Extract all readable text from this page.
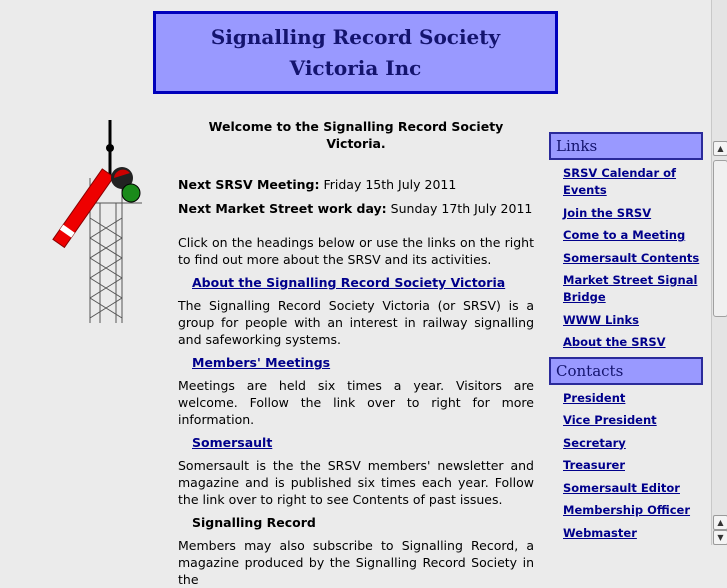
Signalling Record Society
Victoria Inc

Welcome to the Signalling Record Society Victoria.

Next SRSV Meeting: Friday 15th July 2011

Next Market Street work day: Sunday 17th July 2011

Click on the headings below or use the links on the right to find out more about the SRSV and its activities.

About the Signalling Record Society Victoria

The Signalling Record Society Victoria (or SRSV) is a group for people with an interest in railway signalling and safeworking systems.

Members' Meetings

Meetings are held six times a year. Visitors are welcome. Follow the link over to right for more information.

Somersault

Somersault is the the SRSV members' newsletter and magazine and is published six times each year. Follow the link over to right to see Contents of past issues.

Signalling Record

Members may also subscribe to Signalling Record, a magazine produced by the Signalling Record Society in the

Links
SRSV Calendar of Events
Join the SRSV
Come to a Meeting
Somersault Contents
Market Street Signal Bridge
WWW Links
About the SRSV
Contacts
President
Vice President
Secretary
Treasurer
Somersault Editor
Membership Officer
Webmaster
▲
▲
▼
